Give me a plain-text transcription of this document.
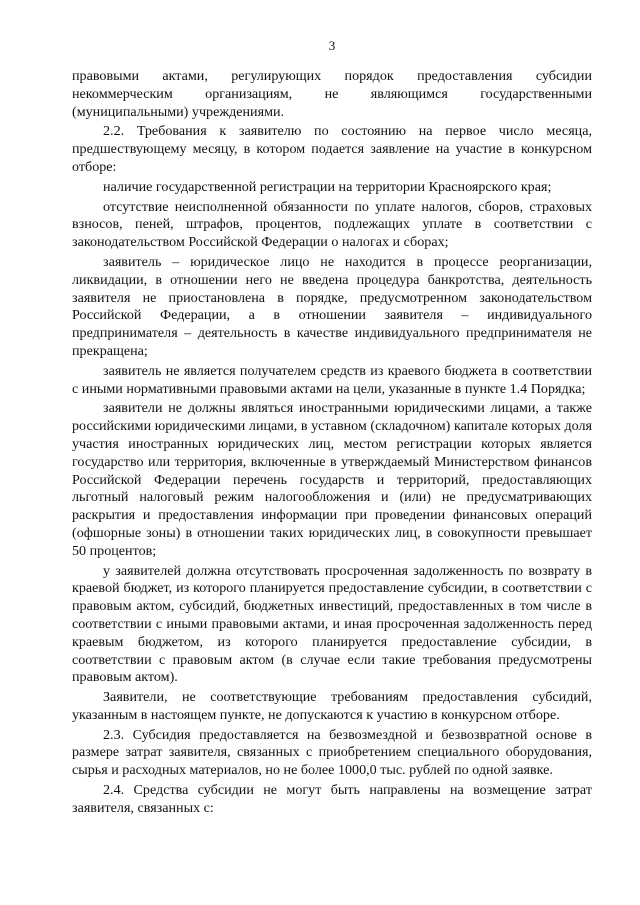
3

правовыми актами, регулирующих порядок предоставления субсидии некоммерческим организациям, не являющимся государственными (муниципальными) учреждениями.

2.2. Требования к заявителю по состоянию на первое число месяца, предшествующему месяцу, в котором подается заявление на участие в конкурсном отборе:

наличие государственной регистрации на территории Красноярского края;

отсутствие неисполненной обязанности по уплате налогов, сборов, страховых взносов, пеней, штрафов, процентов, подлежащих уплате в соответствии с законодательством Российской Федерации о налогах и сборах;

заявитель – юридическое лицо не находится в процессе реорганизации, ликвидации, в отношении него не введена процедура банкротства, деятельность заявителя не приостановлена в порядке, предусмотренном законодательством Российской Федерации, а в отношении заявителя – индивидуального предпринимателя – деятельность в качестве индивидуального предпринимателя не прекращена;

заявитель не является получателем средств из краевого бюджета в соответствии с иными нормативными правовыми актами на цели, указанные в пункте 1.4 Порядка;

заявители не должны являться иностранными юридическими лицами, а также российскими юридическими лицами, в уставном (складочном) капитале которых доля участия иностранных юридических лиц, местом регистрации которых является государство или территория, включенные в утверждаемый Министерством финансов Российской Федерации перечень государств и территорий, предоставляющих льготный налоговый режим налогообложения и (или) не предусматривающих раскрытия и предоставления информации при проведении финансовых операций (офшорные зоны) в отношении таких юридических лиц, в совокупности превышает 50 процентов;

у заявителей должна отсутствовать просроченная задолженность по возврату в краевой бюджет, из которого планируется предоставление субсидии, в соответствии с правовым актом, субсидий, бюджетных инвестиций, предоставленных в том числе в соответствии с иными правовыми актами, и иная просроченная задолженность перед краевым бюджетом, из которого планируется предоставление субсидии, в соответствии с правовым актом (в случае если такие требования предусмотрены правовым актом).

Заявители, не соответствующие требованиям предоставления субсидий, указанным в настоящем пункте, не допускаются к участию в конкурсном отборе.

2.3. Субсидия предоставляется на безвозмездной и безвозвратной основе в размере затрат заявителя, связанных с приобретением специального оборудования, сырья и расходных материалов, но не более 1000,0 тыс. рублей по одной заявке.

2.4. Средства субсидии не могут быть направлены на возмещение затрат заявителя, связанных с:
